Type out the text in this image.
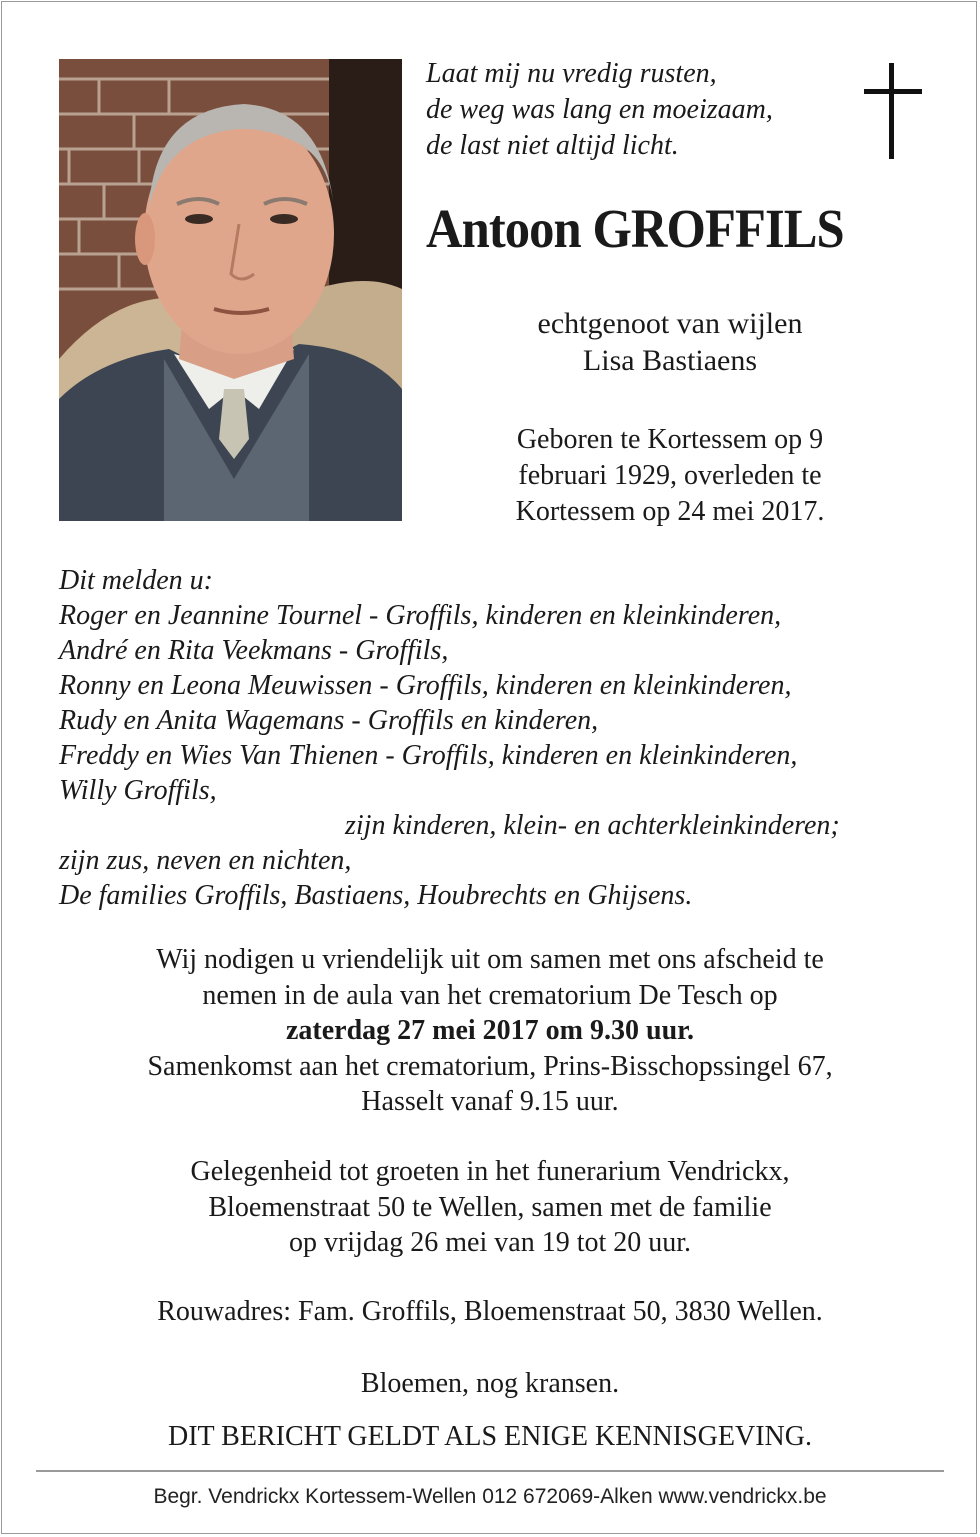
Laat mij nu vredig rusten,
de weg was lang en moeizaam,
de last niet altijd licht.
Antoon GROFFILS
echtgenoot van wijlen
Lisa Bastiaens
Geboren te Kortessem op 9
februari 1929, overleden te
Kortessem op 24 mei 2017.
Dit melden u:
Roger en Jeannine Tournel - Groffils, kinderen en kleinkinderen,
André en Rita Veekmans - Groffils,
Ronny en Leona Meuwissen - Groffils, kinderen en kleinkinderen,
Rudy en Anita Wagemans - Groffils en kinderen,
Freddy en Wies Van Thienen - Groffils, kinderen en kleinkinderen,
Willy Groffils,
zijn kinderen, klein- en achterkleinkinderen;
zijn zus, neven en nichten,
De families Groffils, Bastiaens, Houbrechts en Ghijsens.
Wij nodigen u vriendelijk uit om samen met ons afscheid te
nemen in de aula van het crematorium De Tesch op
zaterdag 27 mei 2017 om 9.30 uur.
Samenkomst aan het crematorium, Prins-Bisschopssingel 67,
Hasselt vanaf 9.15 uur.
Gelegenheid tot groeten in het funerarium Vendrickx,
Bloemenstraat 50 te Wellen, samen met de familie
op vrijdag 26 mei van 19 tot 20 uur.
Rouwadres: Fam. Groffils, Bloemenstraat 50, 3830 Wellen.
Bloemen, nog kransen.
DIT BERICHT GELDT ALS ENIGE KENNISGEVING.
Begr. Vendrickx Kortessem-Wellen 012 672069-Alken www.vendrickx.be
